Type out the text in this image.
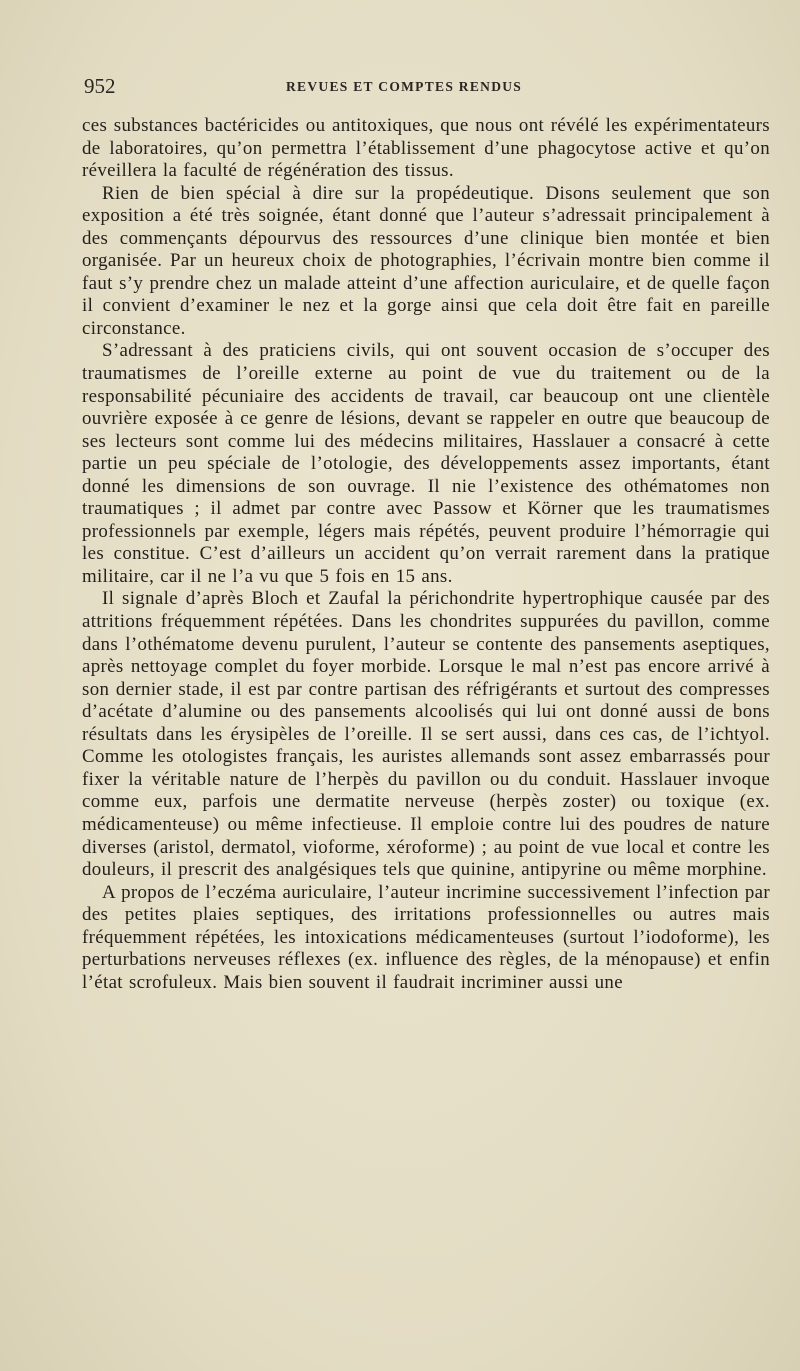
952	REVUES ET COMPTES RENDUS

ces substances bactéricides ou antitoxiques, que nous ont révélé les expérimentateurs de laboratoires, qu’on permettra l’établissement d’une phagocytose active et qu’on réveillera la faculté de régénération des tissus.

Rien de bien spécial à dire sur la propédeutique. Disons seulement que son exposition a été très soignée, étant donné que l’auteur s’adressait principalement à des commençants dépourvus des ressources d’une clinique bien montée et bien organisée. Par un heureux choix de photographies, l’écrivain montre bien comme il faut s’y prendre chez un malade atteint d’une affection auriculaire, et de quelle façon il convient d’examiner le nez et la gorge ainsi que cela doit être fait en pareille circonstance.

S’adressant à des praticiens civils, qui ont souvent occasion de s’occuper des traumatismes de l’oreille externe au point de vue du traitement ou de la responsabilité pécuniaire des accidents de travail, car beaucoup ont une clientèle ouvrière exposée à ce genre de lésions, devant se rappeler en outre que beaucoup de ses lecteurs sont comme lui des médecins militaires, Hasslauer a consacré à cette partie un peu spéciale de l’otologie, des développements assez importants, étant donné les dimensions de son ouvrage. Il nie l’existence des othématomes non traumatiques ; il admet par contre avec Passow et Körner que les traumatismes professionnels par exemple, légers mais répétés, peuvent produire l’hémorragie qui les constitue. C’est d’ailleurs un accident qu’on verrait rarement dans la pratique militaire, car il ne l’a vu que 5 fois en 15 ans.

Il signale d’après Bloch et Zaufal la périchondrite hypertrophique causée par des attritions fréquemment répétées. Dans les chondrites suppurées du pavillon, comme dans l’othématome devenu purulent, l’auteur se contente des pansements aseptiques, après nettoyage complet du foyer morbide. Lorsque le mal n’est pas encore arrivé à son dernier stade, il est par contre partisan des réfrigérants et surtout des compresses d’acétate d’alumine ou des pansements alcoolisés qui lui ont donné aussi de bons résultats dans les érysipèles de l’oreille. Il se sert aussi, dans ces cas, de l’ichtyol. Comme les otologistes français, les auristes allemands sont assez embarrassés pour fixer la véritable nature de l’herpès du pavillon ou du conduit. Hasslauer invoque comme eux, parfois une dermatite nerveuse (herpès zoster) ou toxique (ex. médicamenteuse) ou même infectieuse. Il emploie contre lui des poudres de nature diverses (aristol, dermatol, vioforme, xéroforme) ; au point de vue local et contre les douleurs, il prescrit des analgésiques tels que quinine, antipyrine ou même morphine.

A propos de l’eczéma auriculaire, l’auteur incrimine successivement l’infection par des petites plaies septiques, des irritations professionnelles ou autres mais fréquemment répétées, les intoxications médicamenteuses (surtout l’iodoforme), les perturbations nerveuses réflexes (ex. influence des règles, de la ménopause) et enfin l’état scrofuleux. Mais bien souvent il faudrait incriminer aussi une
